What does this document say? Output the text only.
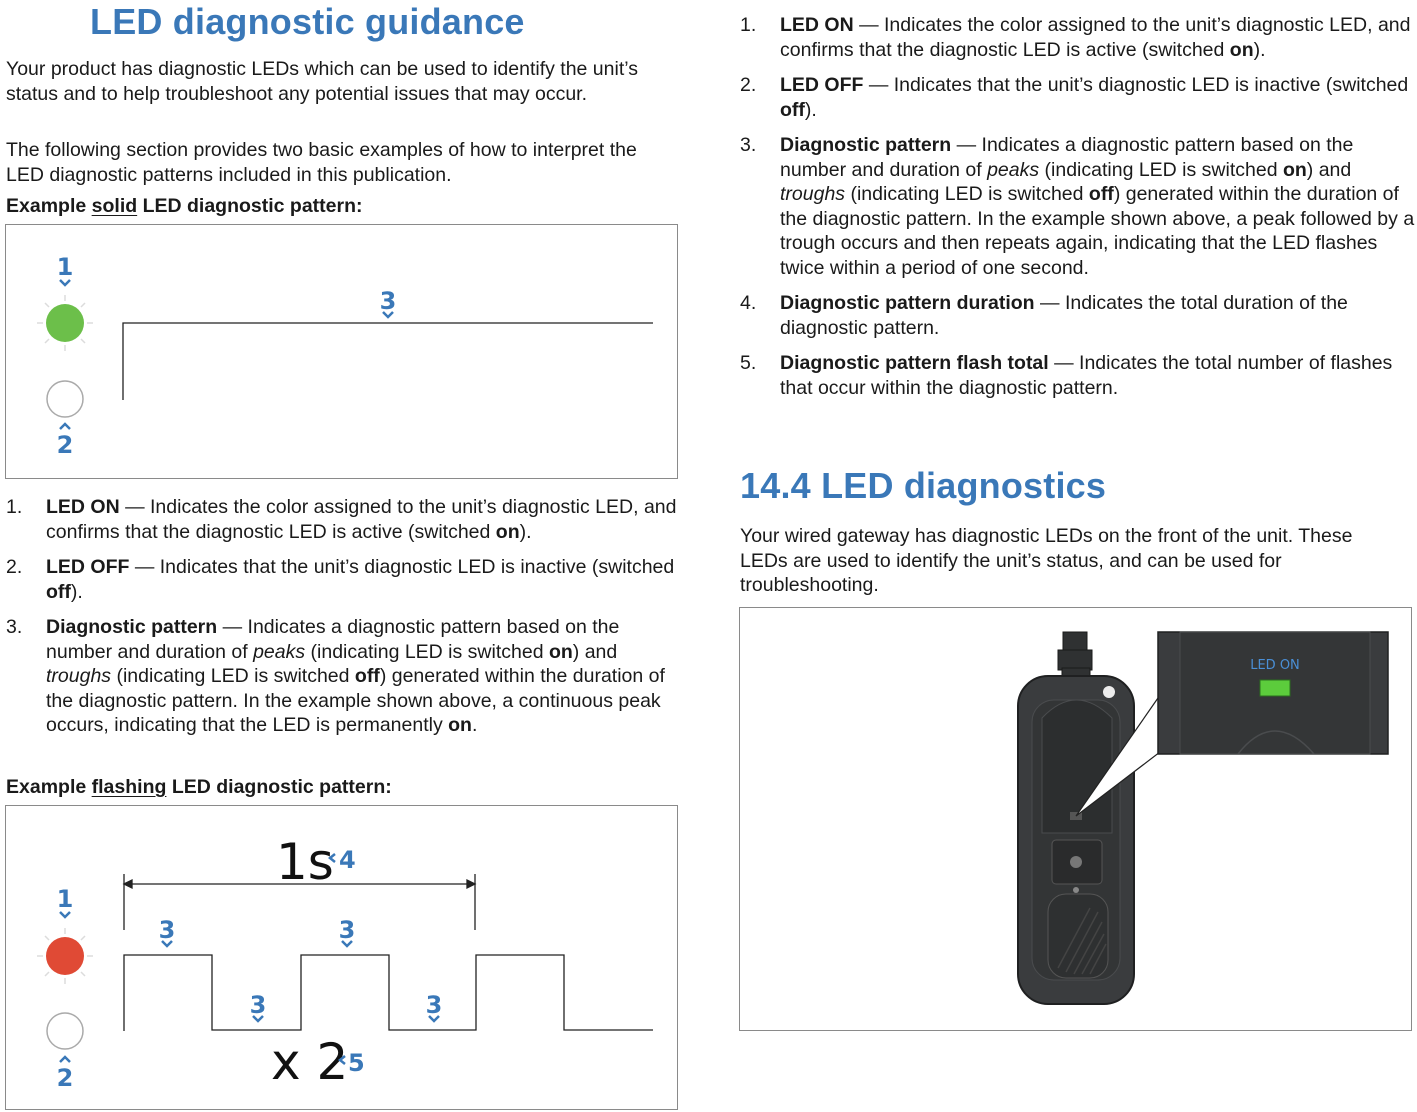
LED diagnostic guidance

Your product has diagnostic LEDs which can be used to identify the unit’s status and to help troubleshoot any potential issues that may occur.

The following section provides two basic examples of how to interpret the LED diagnostic patterns included in this publication.

Example solid LED diagnostic pattern:
1
2
3
1. LED ON — Indicates the color assigned to the unit’s diagnostic LED, and confirms that the diagnostic LED is active (switched on).
2. LED OFF — Indicates that the unit’s diagnostic LED is inactive (switched off).
3. Diagnostic pattern — Indicates a diagnostic pattern based on the number and duration of peaks (indicating LED is switched on) and troughs (indicating LED is switched off) generated within the duration of the diagnostic pattern. In the example shown above, a continuous peak occurs, indicating that the LED is permanently on.
Example flashing LED diagnostic pattern:
1s 4
1
2
3	3
3	3
x 2 5
1. LED ON — Indicates the color assigned to the unit’s diagnostic LED, and confirms that the diagnostic LED is active (switched on).
2. LED OFF — Indicates that the unit’s diagnostic LED is inactive (switched off).
3. Diagnostic pattern — Indicates a diagnostic pattern based on the number and duration of peaks (indicating LED is switched on) and troughs (indicating LED is switched off) generated within the duration of the diagnostic pattern. In the example shown above, a peak followed by a trough occurs and then repeats again, indicating that the LED flashes twice within a period of one second.
4. Diagnostic pattern duration — Indicates the total duration of the diagnostic pattern.
5. Diagnostic pattern flash total — Indicates the total number of flashes that occur within the diagnostic pattern.
14.4 LED diagnostics

Your wired gateway has diagnostic LEDs on the front of the unit. These LEDs are used to identify the unit’s status, and can be used for troubleshooting.

LED ON
